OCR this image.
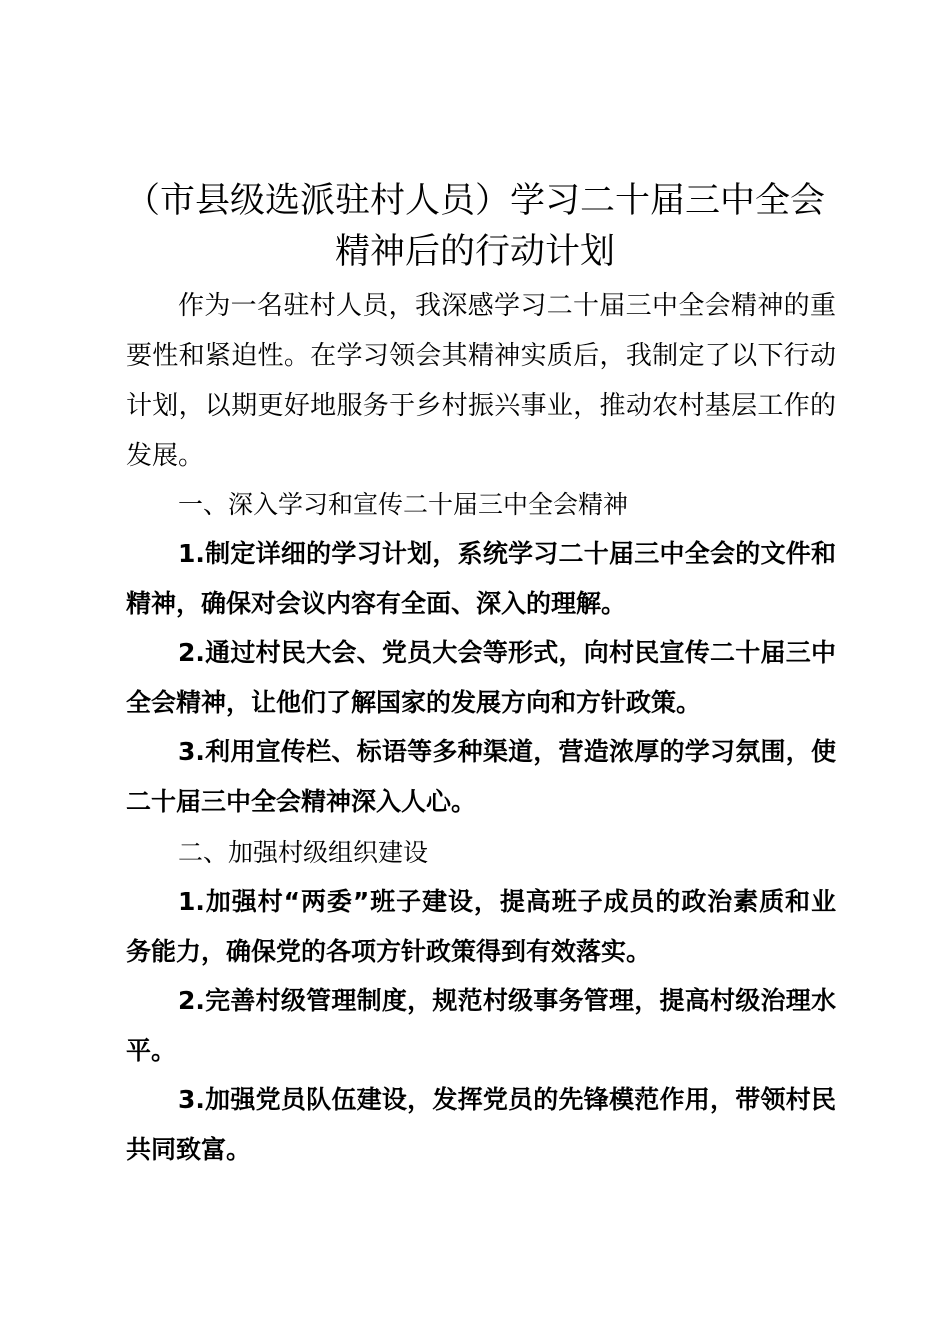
（市县级选派驻村人员）学习二十届三中全会
精神后的行动计划

作为一名驻村人员，我深感学习二十届三中全会精神的重要性和紧迫性。在学习领会其精神实质后，我制定了以下行动计划，以期更好地服务于乡村振兴事业，推动农村基层工作的发展。

一、深入学习和宣传二十届三中全会精神

1.制定详细的学习计划，系统学习二十届三中全会的文件和精神，确保对会议内容有全面、深入的理解。

2.通过村民大会、党员大会等形式，向村民宣传二十届三中全会精神，让他们了解国家的发展方向和方针政策。

3.利用宣传栏、标语等多种渠道，营造浓厚的学习氛围，使二十届三中全会精神深入人心。

二、加强村级组织建设

1.加强村“两委”班子建设，提高班子成员的政治素质和业务能力，确保党的各项方针政策得到有效落实。

2.完善村级管理制度，规范村级事务管理，提高村级治理水平。

3.加强党员队伍建设，发挥党员的先锋模范作用，带领村民共同致富。
